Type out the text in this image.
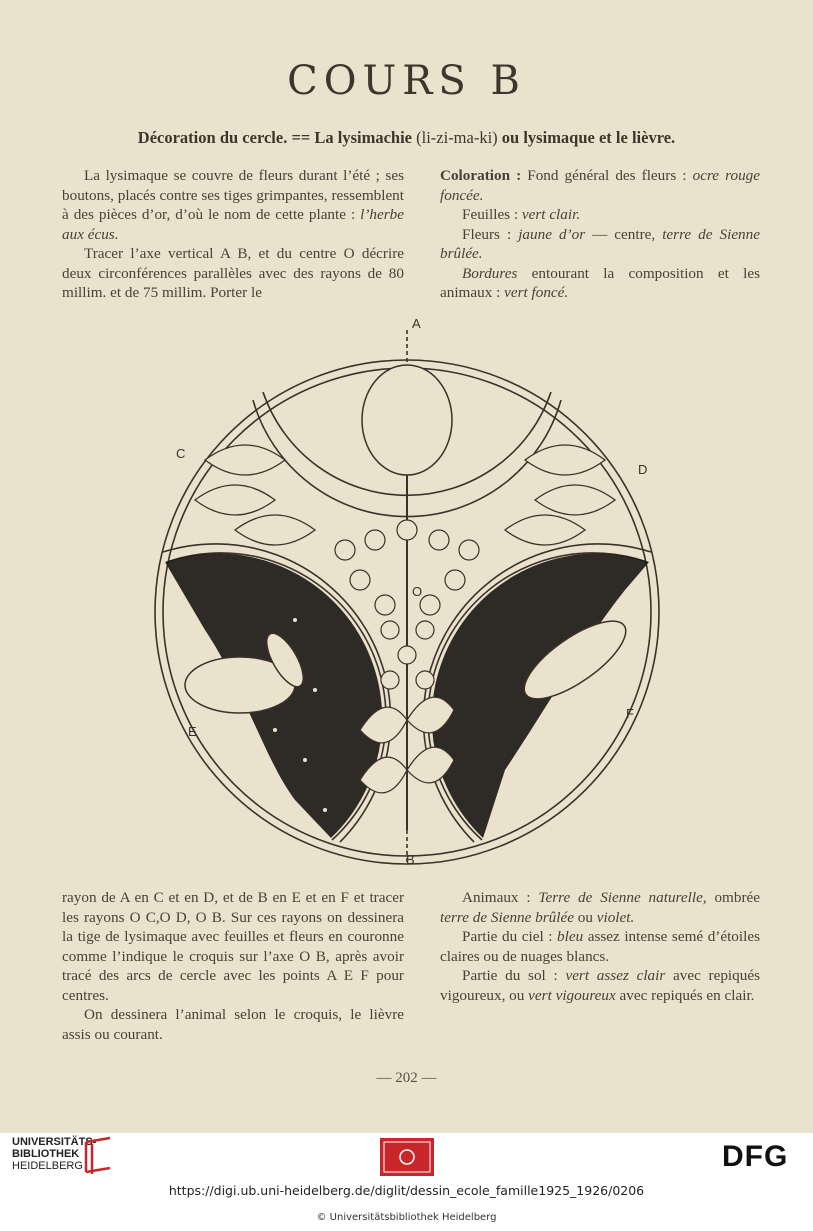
COURS B
Décoration du cercle. == La lysimachie (li-zi-ma-ki) ou lysimaque et le lièvre.

La lysimaque se couvre de fleurs durant l’été ; ses boutons, placés contre ses tiges grimpantes, ressemblent à des pièces d’or, d’où le nom de cette plante : l’herbe aux écus.

Tracer l’axe vertical A B, et du centre O décrire deux circonférences parallèles avec des rayons de 80 millim. et de 75 millim. Porter le

Coloration : Fond général des fleurs : ocre rouge foncée.

Feuilles : vert clair.

Fleurs : jaune d’or — centre, terre de Sienne brûlée.

Bordures entourant la composition et les animaux : vert foncé.

A
B
C
D
E
F
O

rayon de A en C et en D, et de B en E et en F et tracer les rayons O C,O D, O B. Sur ces rayons on dessinera la tige de lysimaque avec feuilles et fleurs en couronne comme l’indique le croquis sur l’axe O B, après avoir tracé des arcs de cercle avec les points A E F pour centres.

On dessinera l’animal selon le croquis, le lièvre assis ou courant.

Animaux : Terre de Sienne naturelle, ombrée terre de Sienne brûlée ou violet.

Partie du ciel : bleu assez intense semé d’étoiles claires ou de nuages blancs.

Partie du sol : vert assez clair avec repiqués vigoureux, ou vert vigoureux avec repiqués en clair.

— 202 —
UNIVERSITÄTS-
BIBLIOTHEK
HEIDELBERG	DFG
https://digi.ub.uni-heidelberg.de/diglit/dessin_ecole_famille1925_1926/0206
© Universitätsbibliothek Heidelberg
